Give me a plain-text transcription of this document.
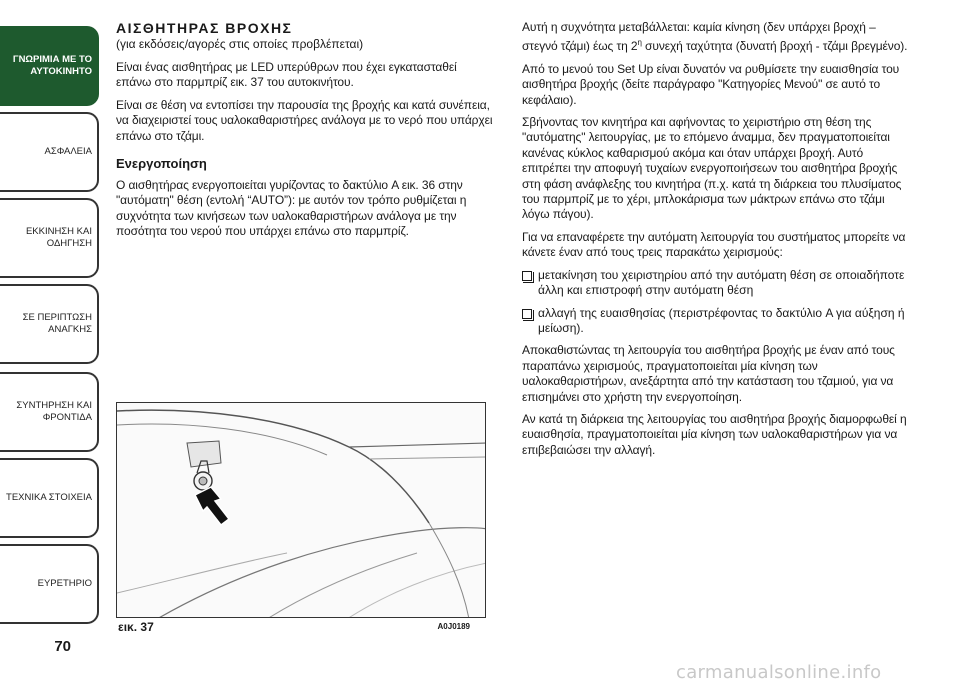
ΓΝΩΡΙΜΙΑ ΜΕ ΤΟ
ΑΥΤΟΚΙΝΗΤΟ
ΑΣΦΑΛΕΙΑ
ΕΚΚΙΝΗΣΗ ΚΑΙ
ΟΔΗΓΗΣΗ
ΣΕ ΠΕΡΙΠΤΩΣΗ
ΑΝΑΓΚΗΣ
ΣΥΝΤΗΡΗΣΗ ΚΑΙ
ΦΡΟΝΤΙΔΑ
ΤΕΧΝΙΚΑ ΣΤΟΙΧΕΙΑ
ΕΥΡΕΤΗΡΙΟ
70
ΑΙΣΘΗΤΗΡΑΣ ΒΡΟΧΗΣ
(για εκδόσεις/αγορές στις οποίες προβλέπεται)

Είναι ένας αισθητήρας με LED υπερύθρων που έχει εγκατασταθεί επάνω στο παρμπρίζ εικ. 37 του αυτοκινήτου.

Είναι σε θέση να εντοπίσει την παρουσία της βροχής και κατά συνέπεια, να διαχειριστεί τους υαλοκαθαριστήρες ανάλογα με το νερό που υπάρχει επάνω στο τζάμι.

Ενεργοποίηση

Ο αισθητήρας ενεργοποιείται γυρίζοντας το δακτύλιο A εικ. 36 στην "αυτόματη" θέση (εντολή “AUTO”): με αυτόν τον τρόπο ρυθμίζεται η συχνότητα των κινήσεων των υαλοκαθαριστήρων ανάλογα με την ποσότητα του νερού που υπάρχει επάνω στο παρμπρίζ.

εικ. 37	A0J0189

Αυτή η συχνότητα μεταβάλλεται: καμία κίνηση (δεν υπάρχει βροχή – στεγνό τζάμι) έως τη $2^\eta$ συνεχή ταχύτητα (δυνατή βροχή - τζάμι βρεγμένο).

Από το μενού του Set Up είναι δυνατόν να ρυθμίσετε την ευαισθησία του αισθητήρα βροχής (δείτε παράγραφο "Κατηγορίες Μενού" σε αυτό το κεφάλαιο).

Σβήνοντας τον κινητήρα και αφήνοντας το χειριστήριο στη θέση της "αυτόματης" λειτουργίας, με το επόμενο άναμμα, δεν πραγματοποιείται κανένας κύκλος καθαρισμού ακόμα και όταν υπάρχει βροχή. Αυτό επιτρέπει την αποφυγή τυχαίων ενεργοποιήσεων του αισθητήρα βροχής στη φάση ανάφλεξης του κινητήρα (π.χ. κατά τη διάρκεια του πλυσίματος του παρμπρίζ με το χέρι, μπλοκάρισμα των μάκτρων επάνω στο τζάμι λόγω πάγου).

Για να επαναφέρετε την αυτόματη λειτουργία του συστήματος μπορείτε να κάνετε έναν από τους τρεις παρακάτω χειρισμούς:

μετακίνηση του χειριστηρίου από την αυτόματη θέση σε οποιαδήποτε άλλη και επιστροφή στην αυτόματη θέση
αλλαγή της ευαισθησίας (περιστρέφοντας το δακτύλιο A για αύξηση ή μείωση).

Αποκαθιστώντας τη λειτουργία του αισθητήρα βροχής με έναν από τους παραπάνω χειρισμούς, πραγματοποιείται μία κίνηση των υαλοκαθαριστήρων, ανεξάρτητα από την κατάσταση του τζαμιού, για να επισημάνει στο χρήστη την ενεργοποίηση.

Αν κατά τη διάρκεια της λειτουργίας του αισθητήρα βροχής διαμορφωθεί η ευαισθησία, πραγματοποιείται μία κίνηση των υαλοκαθαριστήρων για να επιβεβαιώσει την αλλαγή.

carmanualsonline.info
